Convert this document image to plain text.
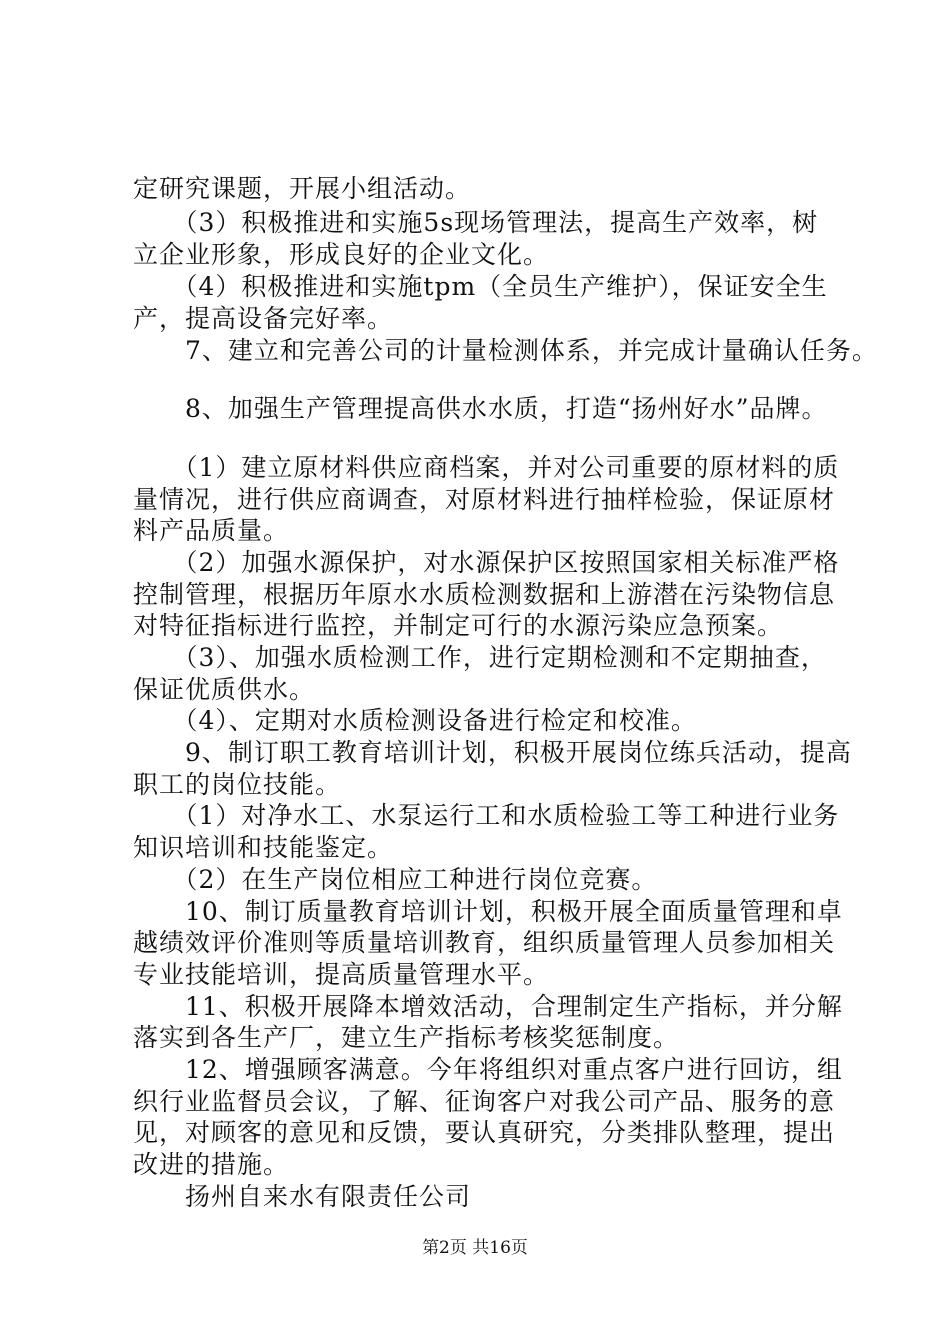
定研究课题，开展小组活动。
　　（3）积极推进和实施5s现场管理法，提高生产效率，树
立企业形象，形成良好的企业文化。
　　（4）积极推进和实施tpm（全员生产维护），保证安全生
产，提高设备完好率。
　　7、建立和完善公司的计量检测体系，并完成计量确认任务。
　　8、加强生产管理提高供水水质，打造“扬州好水”品牌。
　　（1）建立原材料供应商档案，并对公司重要的原材料的质
量情况，进行供应商调查，对原材料进行抽样检验，保证原材
料产品质量。
　　（2）加强水源保护，对水源保护区按照国家相关标准严格
控制管理，根据历年原水水质检测数据和上游潜在污染物信息
对特征指标进行监控，并制定可行的水源污染应急预案。
　　（3）、加强水质检测工作，进行定期检测和不定期抽查，
保证优质供水。
　　（4）、定期对水质检测设备进行检定和校准。
　　9、制订职工教育培训计划，积极开展岗位练兵活动，提高
职工的岗位技能。
　　（1）对净水工、水泵运行工和水质检验工等工种进行业务
知识培训和技能鉴定。
　　（2）在生产岗位相应工种进行岗位竞赛。
　　10、制订质量教育培训计划，积极开展全面质量管理和卓
越绩效评价准则等质量培训教育，组织质量管理人员参加相关
专业技能培训，提高质量管理水平。
　　11、积极开展降本增效活动，合理制定生产指标，并分解
落实到各生产厂，建立生产指标考核奖惩制度。
　　12、增强顾客满意。今年将组织对重点客户进行回访，组
织行业监督员会议，了解、征询客户对我公司产品、服务的意
见，对顾客的意见和反馈，要认真研究，分类排队整理，提出
改进的措施。
　　扬州自来水有限责任公司
第2页 共16页
